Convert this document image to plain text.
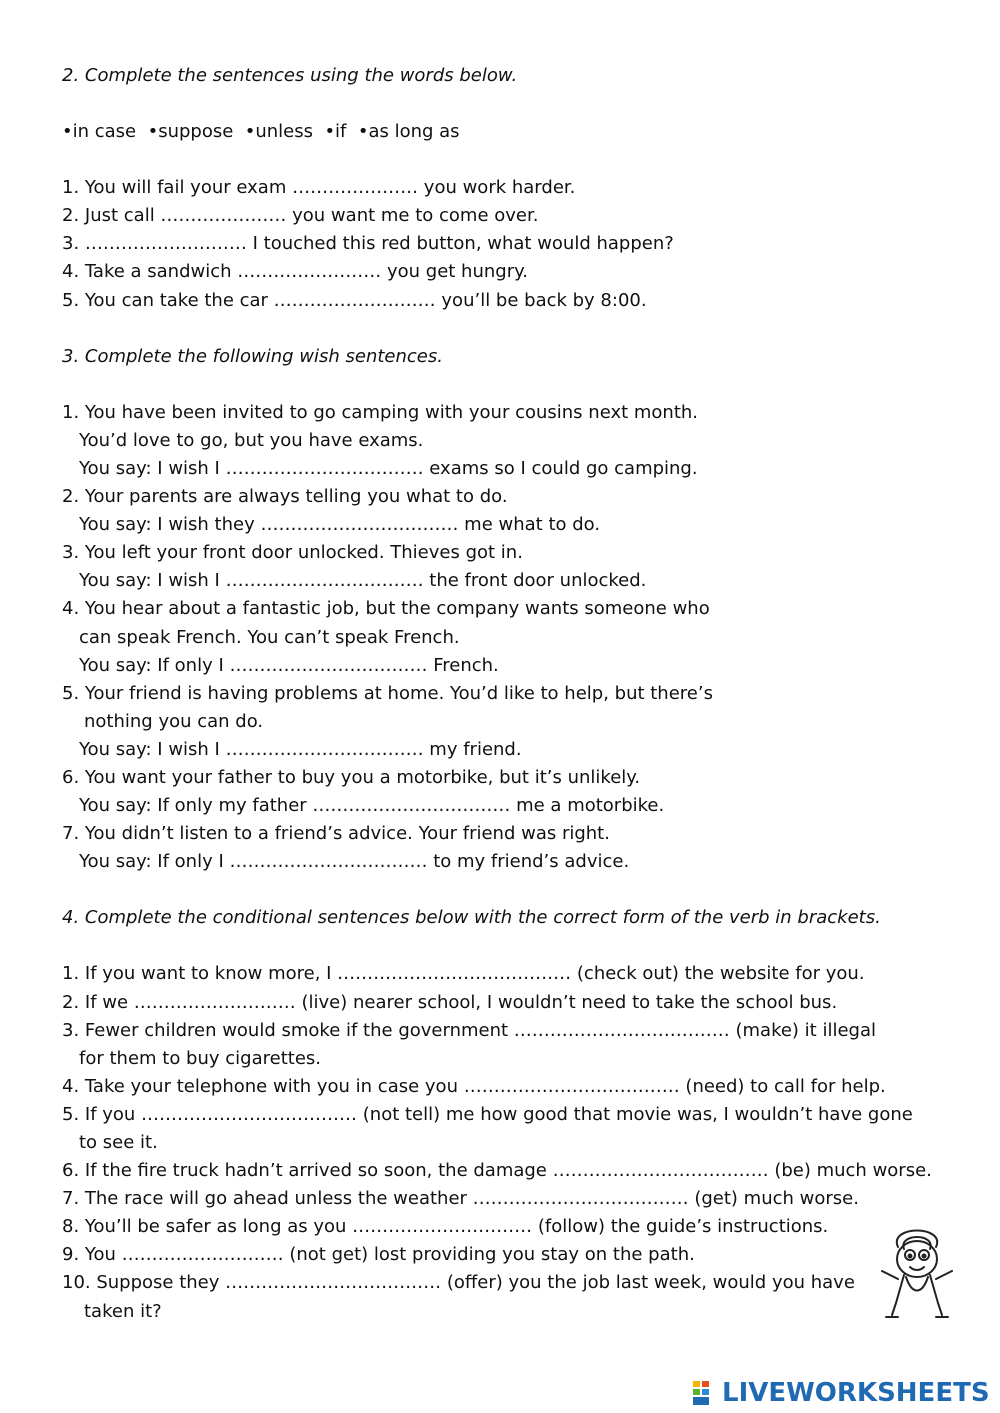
2. Complete the sentences using the words below.

•in case  •suppose  •unless  •if  •as long as

1. You will fail your exam ………………… you work harder.

2. Just call ………………… you want me to come over.

3. ……………………… I touched this red button, what would happen?

4. Take a sandwich …………………… you get hungry.

5. You can take the car ……………………… you’ll be back by 8:00.

3. Complete the following wish sentences.

1. You have been invited to go camping with your cousins next month.

You’d love to go, but you have exams.

You say: I wish I …………………………… exams so I could go camping.

2. Your parents are always telling you what to do.

You say: I wish they …………………………… me what to do.

3. You left your front door unlocked. Thieves got in.

You say: I wish I …………………………… the front door unlocked.

4. You hear about a fantastic job, but the company wants someone who

can speak French. You can’t speak French.

You say: If only I …………………………… French.

5. Your friend is having problems at home. You’d like to help, but there’s

nothing you can do.

You say: I wish I …………………………… my friend.

6. You want your father to buy you a motorbike, but it’s unlikely.

You say: If only my father …………………………… me a motorbike.

7. You didn’t listen to a friend’s advice. Your friend was right.

You say: If only I …………………………… to my friend’s advice.

4. Complete the conditional sentences below with the correct form of the verb in brackets.

1. If you want to know more, I ………………………………… (check out) the website for you.

2. If we ……………………… (live) nearer school, I wouldn’t need to take the school bus.

3. Fewer children would smoke if the government ……………………………… (make) it illegal

for them to buy cigarettes.

4. Take your telephone with you in case you ……………………………… (need) to call for help.

5. If you ……………………………… (not tell) me how good that movie was, I wouldn’t have gone

to see it.

6. If the fire truck hadn’t arrived so soon, the damage ……………………………… (be) much worse.

7. The race will go ahead unless the weather ……………………………… (get) much worse.

8. You’ll be safer as long as you ………………………… (follow) the guide’s instructions.

9. You ……………………… (not get) lost providing you stay on the path.

10. Suppose they ……………………………… (offer) you the job last week, would you have

taken it?

LIVEWORKSHEETS
